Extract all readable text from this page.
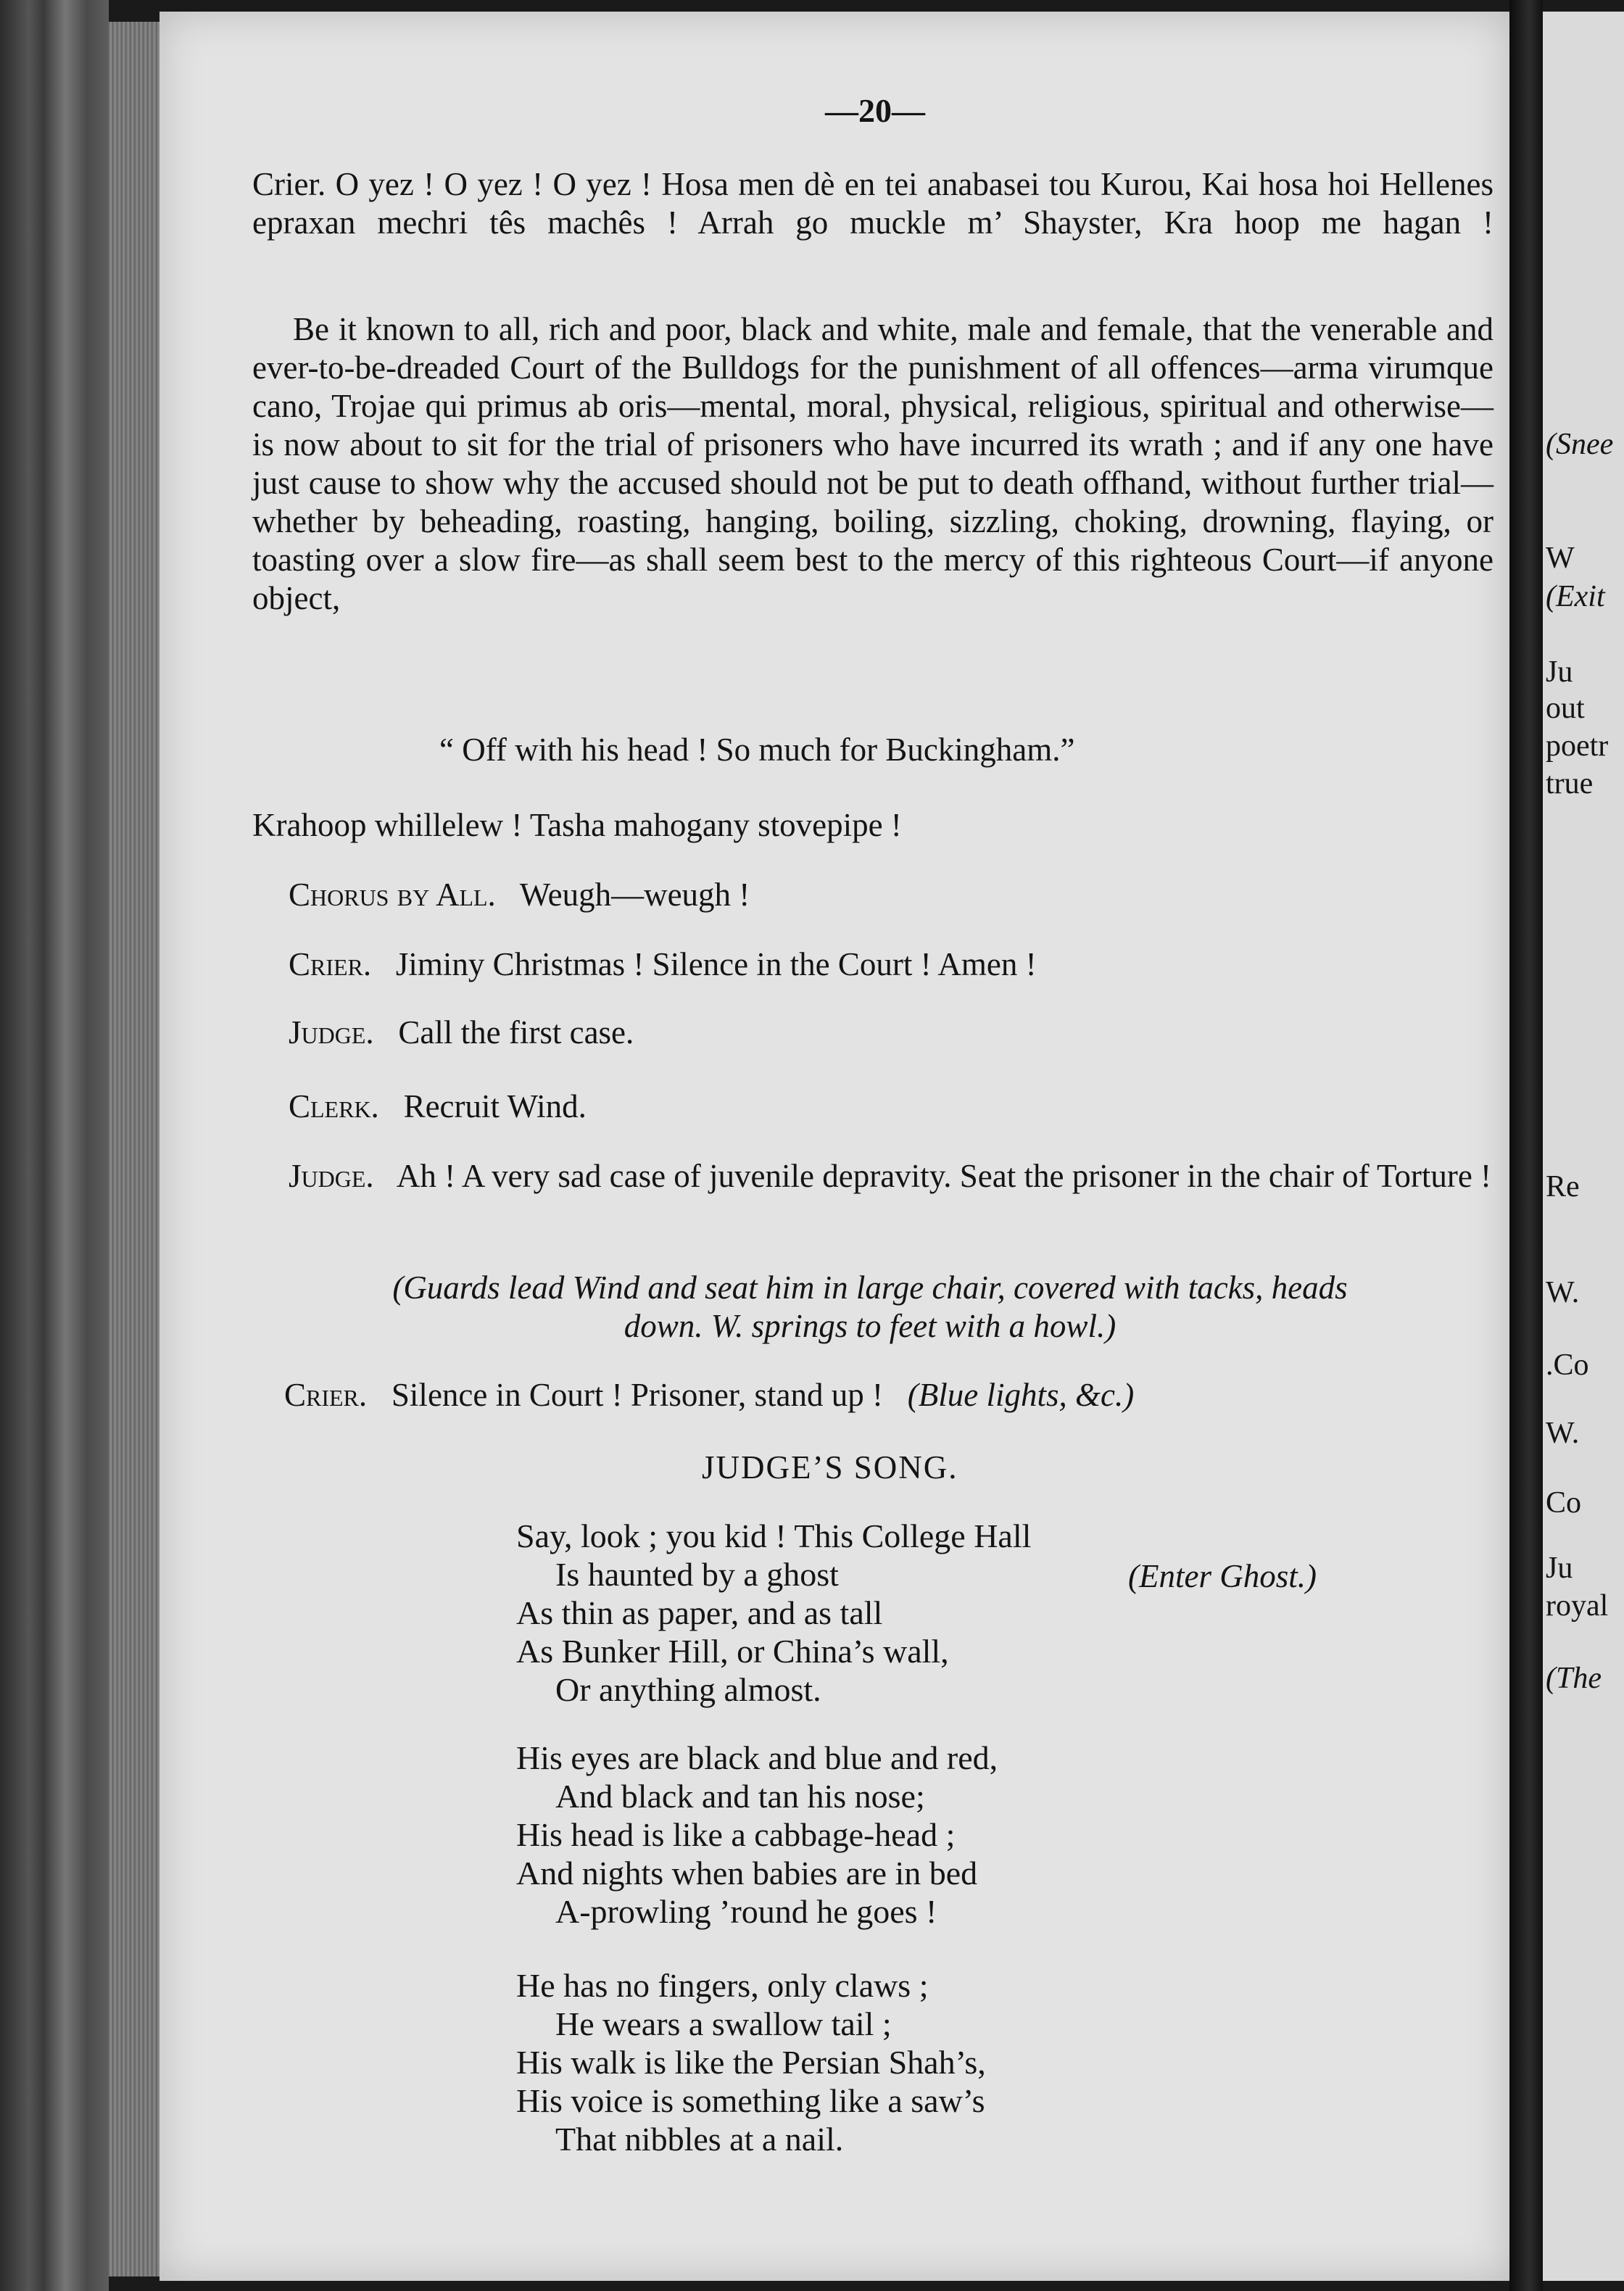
(Snee
W
(Exit
Ju
out
poetr
true
Re
W.
.Co
W.
Co
Ju
royal
(The
—20—
Crier. O yez ! O yez ! O yez ! Hosa men dè en tei anabasei tou Kurou, Kai hosa hoi Hellenes epraxan mechri tês machês ! Arrah go muckle m’ Shayster, Kra hoop me hagan !
Be it known to all, rich and poor, black and white, male and female, that the venerable and ever-to-be-dreaded Court of the Bulldogs for the punishment of all offences—arma virumque cano, Trojae qui primus ab oris—mental, moral, physical, religious, spiritual and otherwise—is now about to sit for the trial of prisoners who have incurred its wrath ; and if any one have just cause to show why the accused should not be put to death offhand, without further trial—whether by beheading, roasting, hanging, boiling, sizzling, choking, drowning, flaying, or toasting over a slow fire—as shall seem best to the mercy of this righteous Court—if anyone object,
“ Off with his head ! So much for Buckingham.”
Krahoop whillelew ! Tasha mahogany stovepipe !
Chorus by All. Weugh—weugh !
Crier. Jiminy Christmas ! Silence in the Court ! Amen !
Judge. Call the first case.
Clerk. Recruit Wind.
Judge. Ah ! A very sad case of juvenile depravity. Seat the prisoner in the chair of Torture !
(Guards lead Wind and seat him in large chair, covered with tacks, heads
down. W. springs to feet with a howl.)
Crier. Silence in Court ! Prisoner, stand up ! (Blue lights, &c.)
JUDGE’S SONG.
Say, look ; you kid ! This College Hall
Is haunted by a ghost
As thin as paper, and as tall
As Bunker Hill, or China’s wall,
Or anything almost.
(Enter Ghost.)
His eyes are black and blue and red,
And black and tan his nose;
His head is like a cabbage-head ;
And nights when babies are in bed
A-prowling ’round he goes !
He has no fingers, only claws ;
He wears a swallow tail ;
His walk is like the Persian Shah’s,
His voice is something like a saw’s
That nibbles at a nail.
